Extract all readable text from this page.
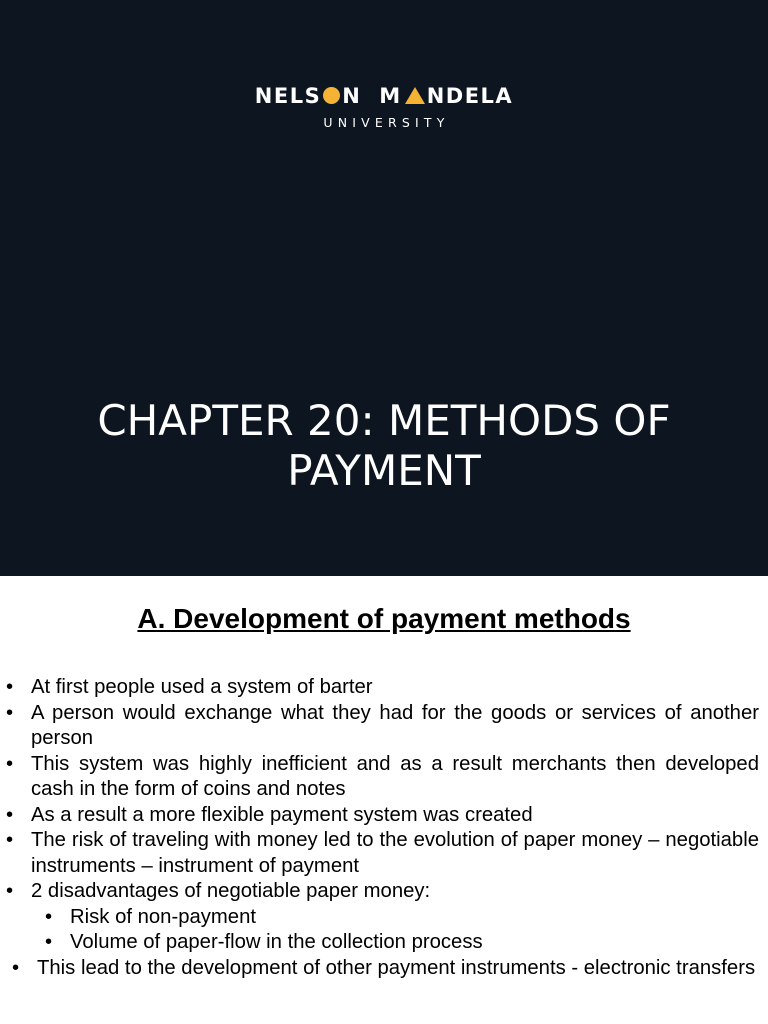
NELS N M NDELA
UNIVERSITY
CHAPTER 20: METHODS OF
PAYMENT
A. Development of payment methods
• At first people used a system of barter
• A person would exchange what they had for the goods or services of another person
• This system was highly inefficient and as a result merchants then developed cash in the form of coins and notes
• As a result a more flexible payment system was created
• The risk of traveling with money led to the evolution of paper money – negotiable instruments – instrument of payment
• 2 disadvantages of negotiable paper money:
• Risk of non-payment
• Volume of paper-flow in the collection process
• This lead to the development of other payment instruments - electronic transfers
